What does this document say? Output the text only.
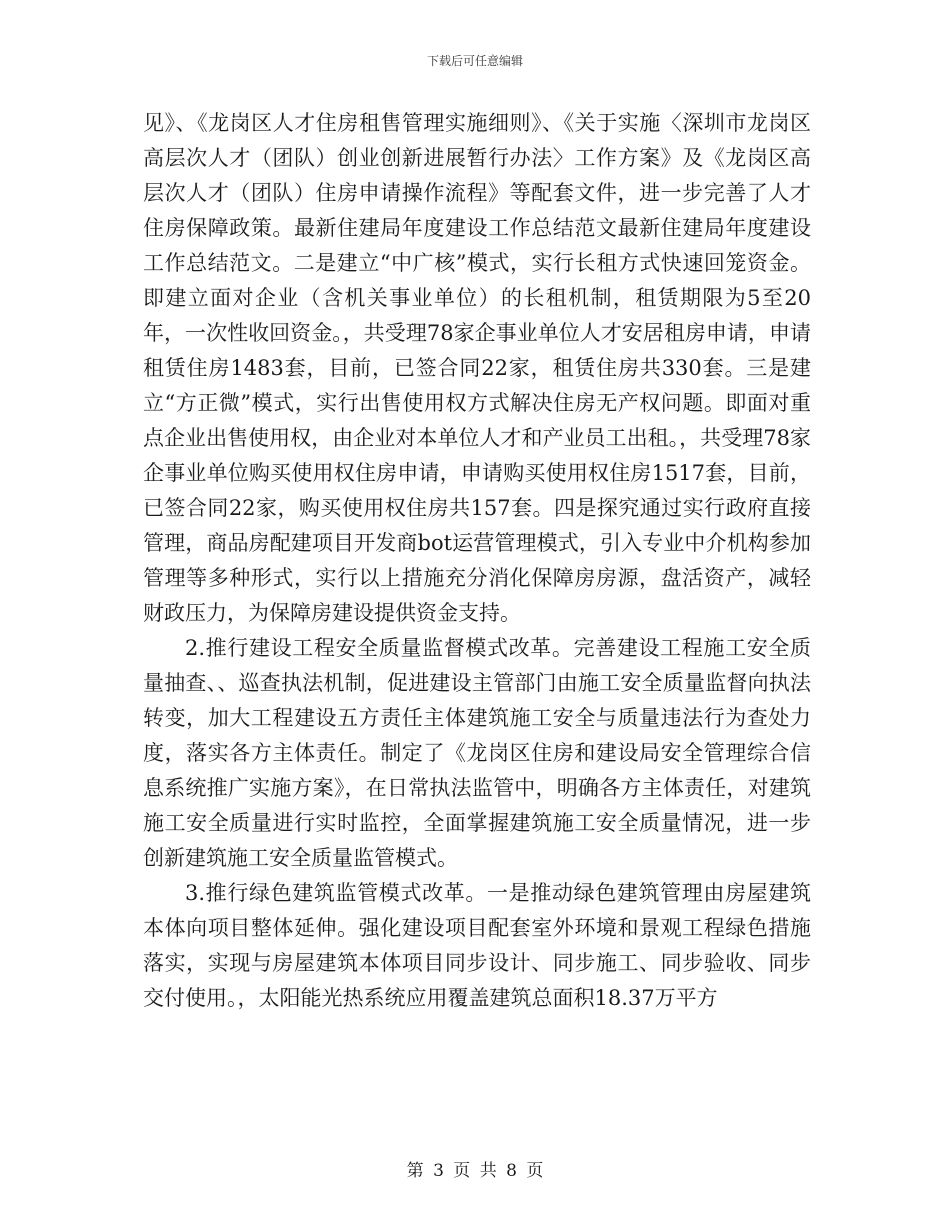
下载后可任意编辑

见》、《龙岗区人才住房租售管理实施细则》、《关于实施〈深圳市龙岗区高层次人才（团队）创业创新进展暂行办法〉工作方案》及《龙岗区高层次人才（团队）住房申请操作流程》等配套文件，进一步完善了人才住房保障政策。最新住建局年度建设工作总结范文最新住建局年度建设工作总结范文。二是建立“中广核”模式，实行长租方式快速回笼资金。即建立面对企业（含机关事业单位）的长租机制，租赁期限为5至20年，一次性收回资金。，共受理78家企事业单位人才安居租房申请，申请租赁住房1483套，目前，已签合同22家，租赁住房共330套。三是建立“方正微”模式，实行出售使用权方式解决住房无产权问题。即面对重点企业出售使用权，由企业对本单位人才和产业员工出租。，共受理78家企事业单位购买使用权住房申请，申请购买使用权住房1517套，目前，已签合同22家，购买使用权住房共157套。四是探究通过实行政府直接管理，商品房配建项目开发商bot运营管理模式，引入专业中介机构参加管理等多种形式，实行以上措施充分消化保障房房源，盘活资产，减轻财政压力，为保障房建设提供资金支持。

2.推行建设工程安全质量监督模式改革。完善建设工程施工安全质量抽查、、巡查执法机制，促进建设主管部门由施工安全质量监督向执法转变，加大工程建设五方责任主体建筑施工安全与质量违法行为查处力度，落实各方主体责任。制定了《龙岗区住房和建设局安全管理综合信息系统推广实施方案》，在日常执法监管中，明确各方主体责任，对建筑施工安全质量进行实时监控，全面掌握建筑施工安全质量情况，进一步创新建筑施工安全质量监管模式。

3.推行绿色建筑监管模式改革。一是推动绿色建筑管理由房屋建筑本体向项目整体延伸。强化建设项目配套室外环境和景观工程绿色措施落实，实现与房屋建筑本体项目同步设计、同步施工、同步验收、同步交付使用。，太阳能光热系统应用覆盖建筑总面积18.37万平方

第 3 页 共 8 页
